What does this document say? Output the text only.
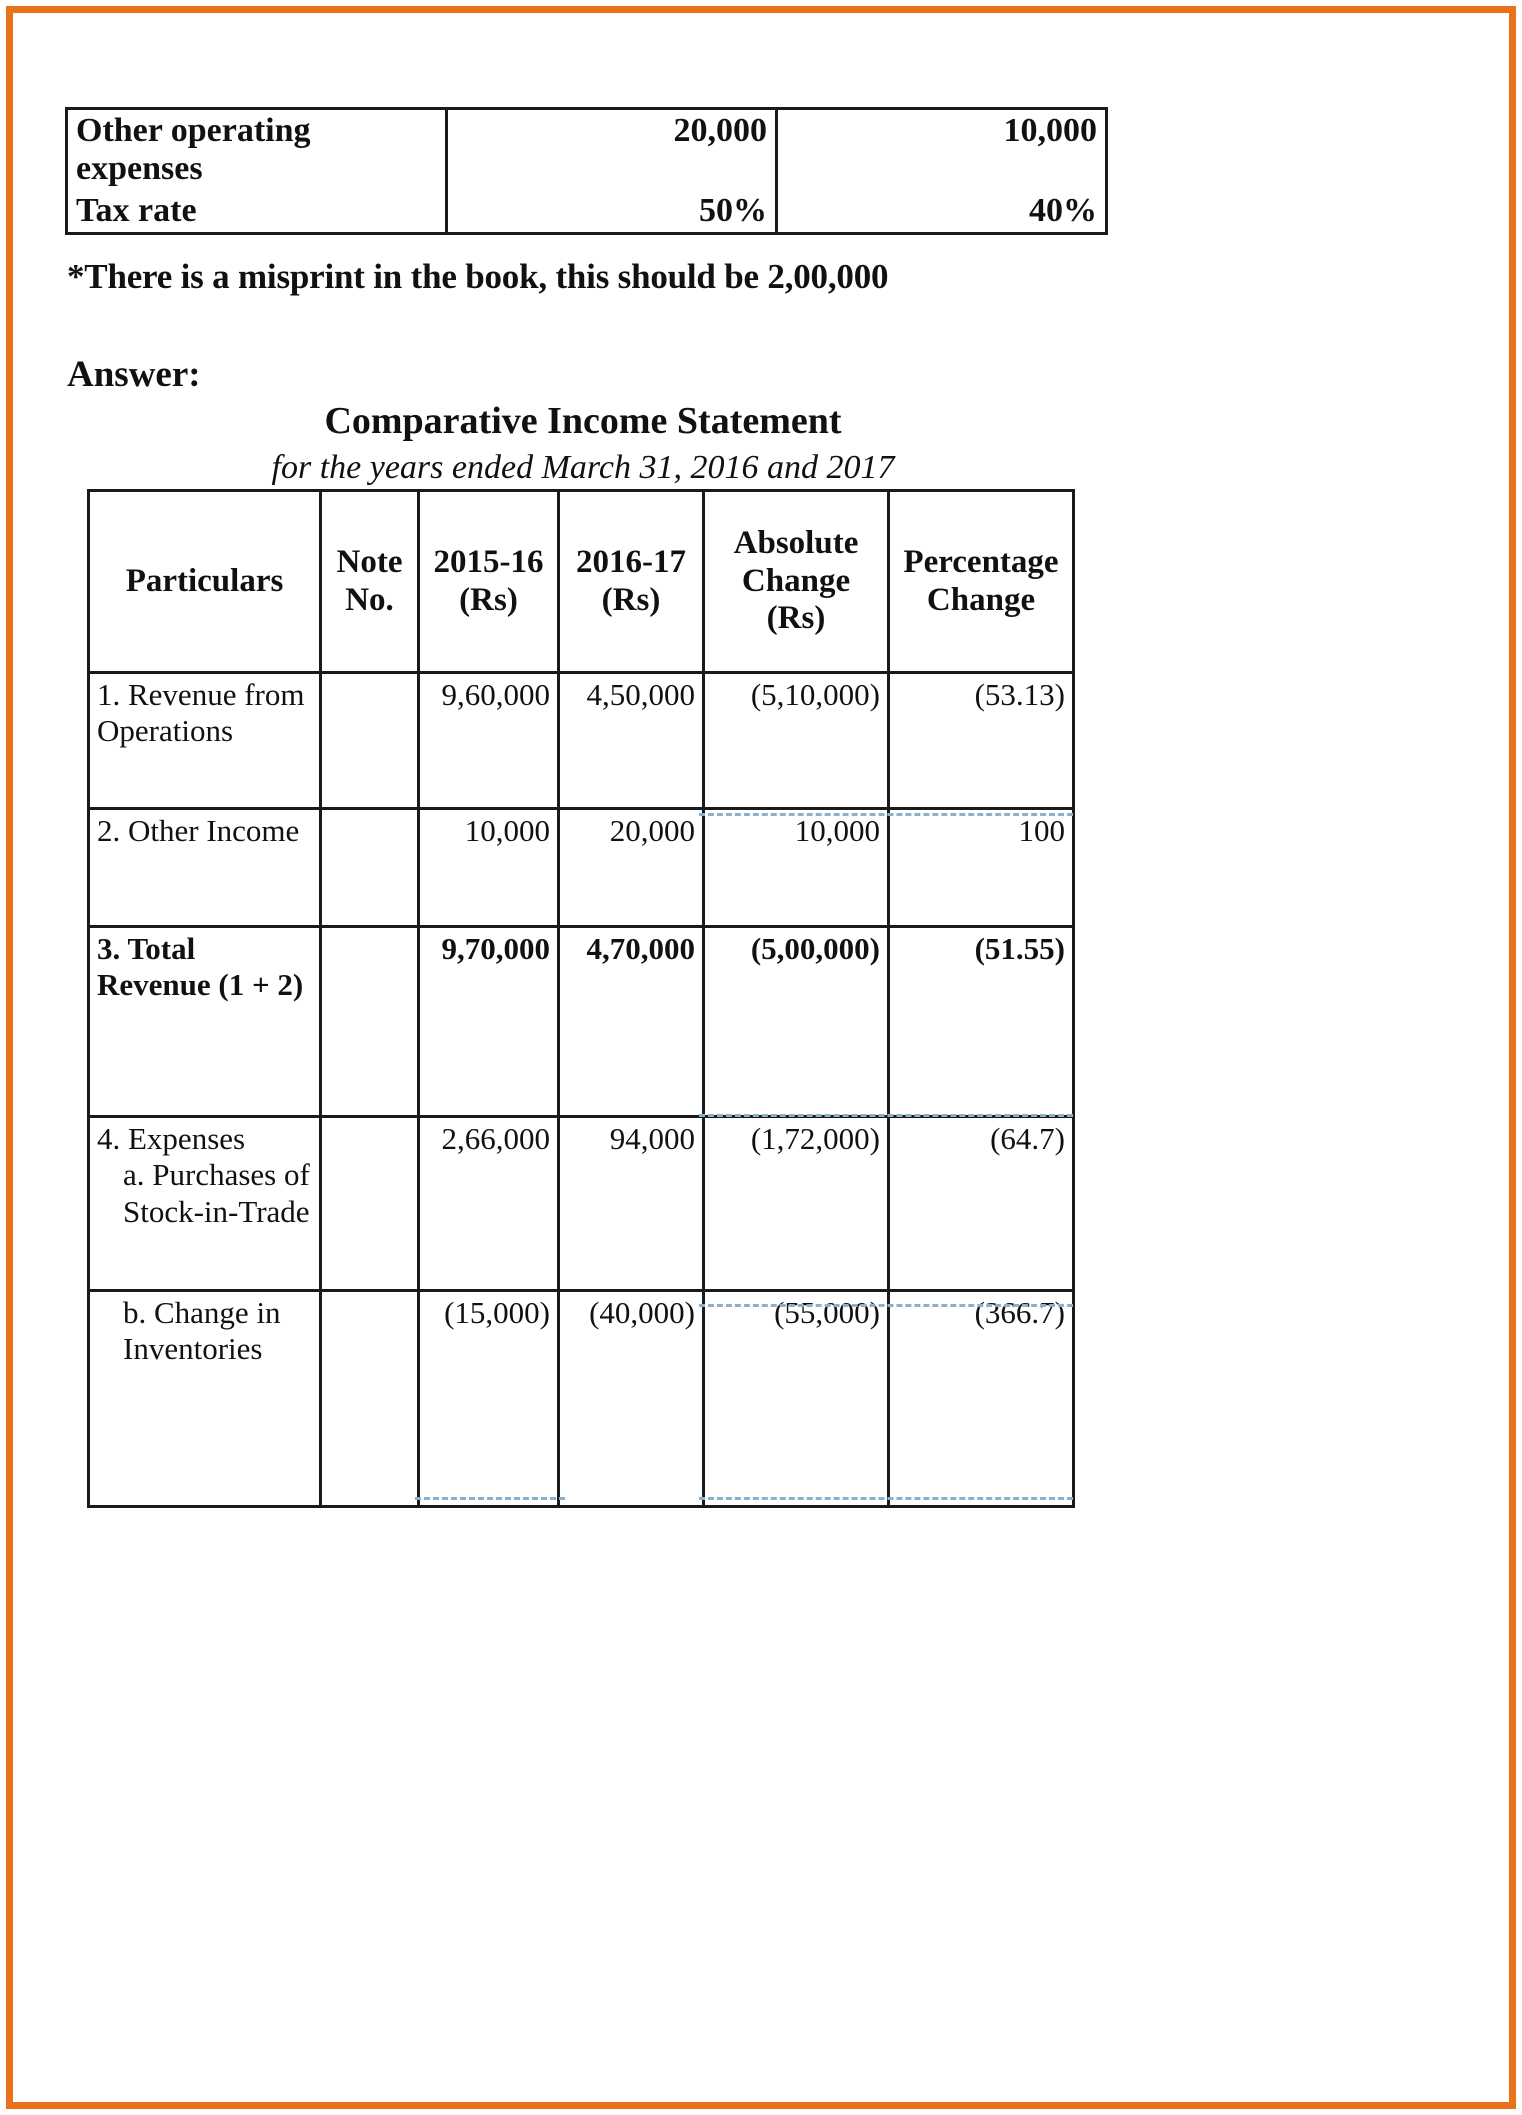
Other operating expenses	20,000	10,000
Tax rate	50%	40%
*There is a misprint in the book, this should be 2,00,000
Answer:
Comparative Income Statement
for the years ended March 31, 2016 and 2017
Particulars	Note No.	2015-16 (Rs)	2016-17 (Rs)	Absolute Change (Rs)	Percentage Change
1. Revenue from Operations		9,60,000	4,50,000	(5,10,000)	(53.13)
2. Other Income		10,000	20,000	10,000	100
3. Total Revenue (1 + 2)		9,70,000	4,70,000	(5,00,000)	(51.55)

4. Expenses
a. Purchases of Stock-in-Trade		2,66,000	94,000	(1,72,000)	(64.7)
b. Change in Inventories		(15,000)	(40,000)	(55,000)	(366.7)
